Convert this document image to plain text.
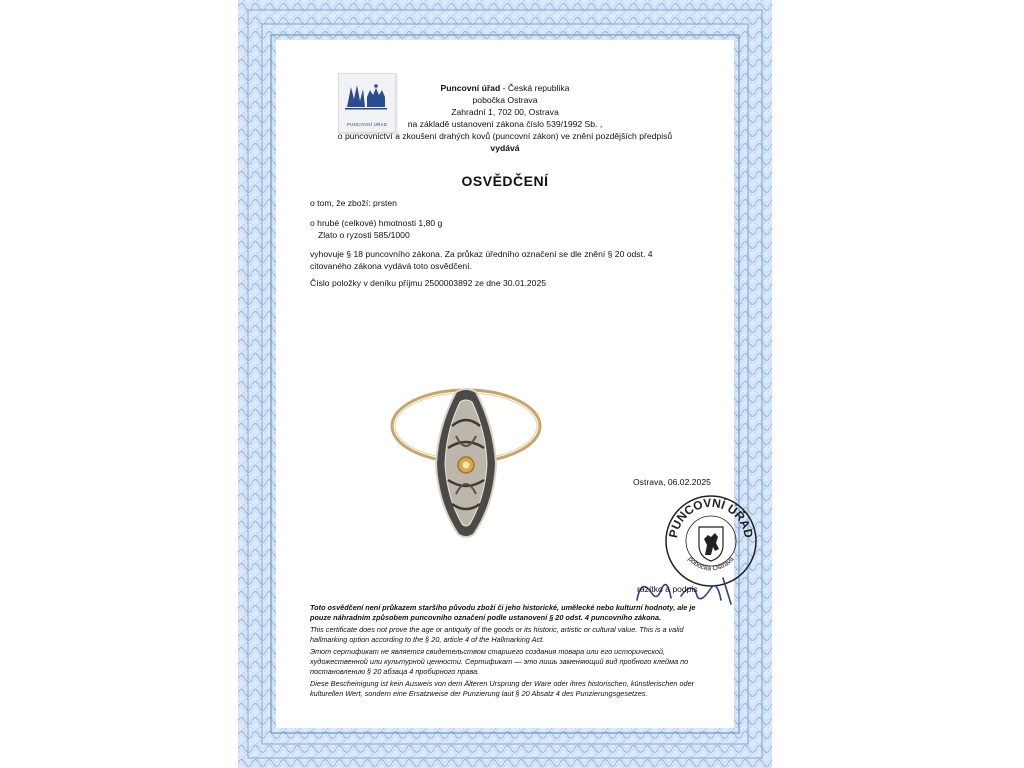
PUNCOVNÍ ÚŘAD
Puncovní úřad - Česká republika
pobočka Ostrava
Zahradní 1, 702 00, Ostrava
na základě ustanovení zákona číslo 539/1992 Sb. ,
o puncovnictví a zkoušení drahých kovů (puncovní zákon) ve znění pozdějších předpisů
vydává
OSVĚDČENÍ
o tom, že zboží: prsten
o hrubé (celkové) hmotnosti 1,80 g
Zlato o ryzosti 585/1000
vyhovuje § 18 puncovního zákona. Za průkaz úředního označení se dle znění § 20 odst. 4
citovaného zákona vydává toto osvědčení.
Číslo položky v deníku příjmu 2500003892 ze dne 30.01.2025
Ostrava, 06.02.2025
PUNCOVNÍ ÚŘAD
pobočka Ostrava
razítko a podpis

Toto osvědčení není průkazem staršího původu zboží či jeho historické, umělecké nebo kulturní hodnoty, ale je pouze náhradním způsobem puncovního označení podle ustanovení § 20 odst. 4 puncovního zákona.

This certificate does not prove the age or antiquity of the goods or its historic, artistic or cultural value. This is a valid hallmarking option according to the § 20, article 4 of the Hallmarking Act.

Этот сертификат не является свидетельством старшего создания товара или его исторической, художественной или культурной ценности. Сертификат — это лишь заменяющий вид пробного клейма по постановлению § 20 абзаца 4 пробирного права.

Diese Bescheinigung ist kein Ausweis von dem Älteren Ursprung der Ware oder ihres historischen, künstlerischen oder kulturellen Wert, sondern eine Ersatzweise der Punzierung laut § 20 Absatz 4 des Punzierungsgesetzes.
